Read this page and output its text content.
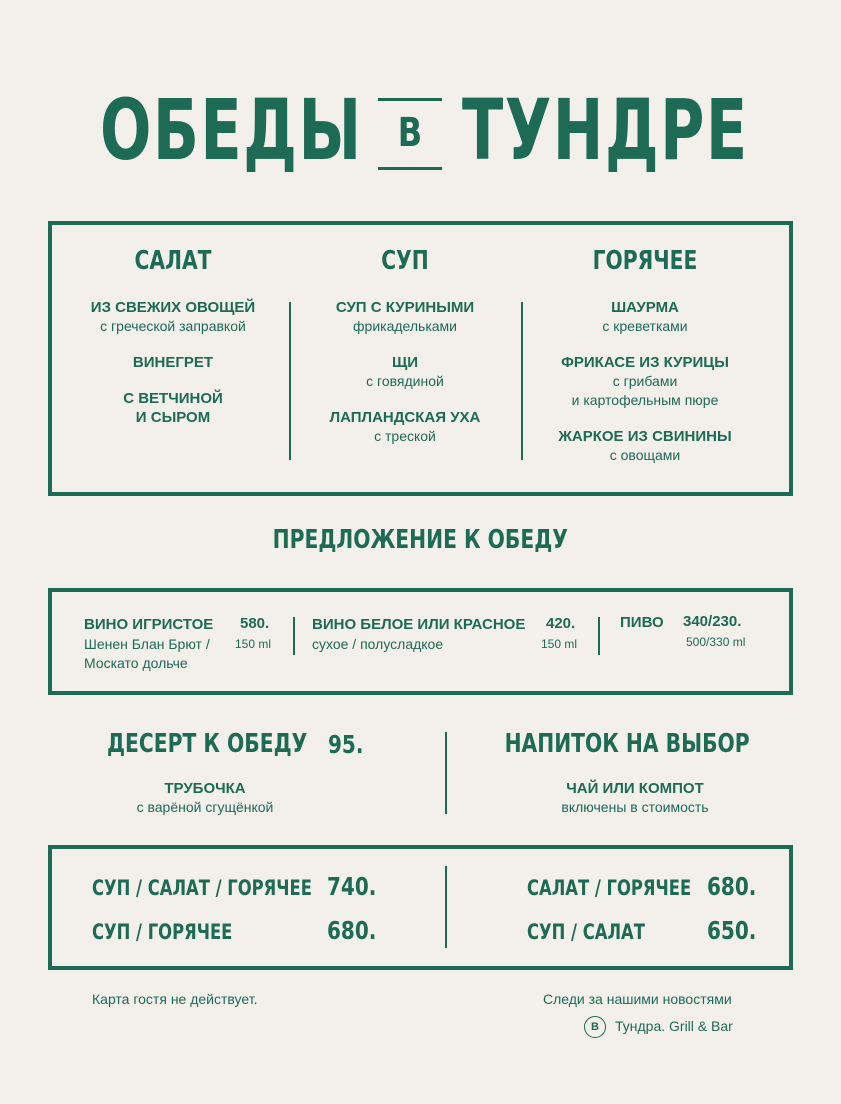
ОБЕДЫ В ТУНДРЕ
САЛАТ
ИЗ СВЕЖИХ ОВОЩЕЙ
с греческой заправкой
ВИНЕГРЕТ
С ВЕТЧИНОЙ
И СЫРОМ
СУП
СУП С КУРИНЫМИ
фрикадельками
ЩИ
с говядиной
ЛАПЛАНДСКАЯ УХА
с треской
ГОРЯЧЕЕ
ШАУРМА
с креветками
ФРИКАСЕ ИЗ КУРИЦЫ
с грибами
и картофельным пюре
ЖАРКОЕ ИЗ СВИНИНЫ
с овощами
ПРЕДЛОЖЕНИЕ К ОБЕДУ
ВИНО ИГРИСТОЕ
Шенен Блан Брют /
Москато дольче
580.
150 ml
ВИНО БЕЛОЕ ИЛИ КРАСНОЕ
сухое / полусладкое
420.
150 ml
ПИВО 340/230.
500/330 ml
ДЕСЕРТ К ОБЕДУ 95.
ТРУБОЧКА
с варёной сгущёнкой
НАПИТОК НА ВЫБОР
ЧАЙ ИЛИ КОМПОТ
включены в стоимость
СУП / САЛАТ / ГОРЯЧЕЕ 740.
СУП / ГОРЯЧЕЕ	680.
САЛАТ / ГОРЯЧЕЕ 680.
СУП / САЛАТ 650.
Карта гостя не действует.	Следи за нашими новостями
В	Тундра. Grill & Bar
